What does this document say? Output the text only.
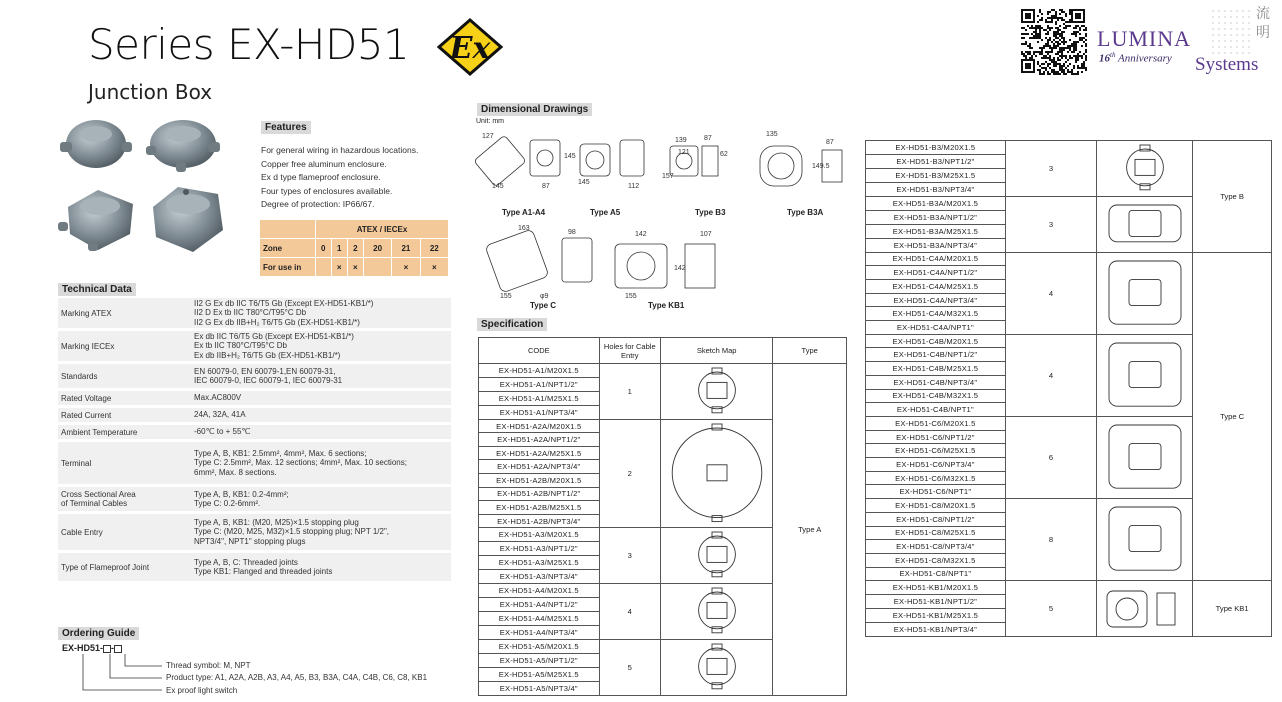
Series EX-HD51
Junction Box
Ex	LUMINA
16th Anniversary Systems
流明
Features
For general wiring in hazardous locations.
Copper free aluminum enclosure.
Ex d type flameproof enclosure.
Four types of enclosures available.
Degree of protection: IP66/67.
	ATEX / IECEx					
Zone	0	1	2	20	21	22
For use in		×	×		×	×
Technical Data
Marking ATEX
II2 G Ex db IIC T6/T5 Gb (Except EX-HD51-KB1/*)
II2 D Ex tb IIC T80°C/T95°C Db
II2 G Ex db IIB+H₂ T6/T5 Gb (EX-HD51-KB1/*)
Marking IECEx
Ex db IIC T6/T5 Gb (Except EX-HD51-KB1/*)
Ex tb IIC T80°C/T95°C Db
Ex db IIB+H₂ T6/T5 Gb (EX-HD51-KB1/*)
Standards
EN 60079-0, EN 60079-1,EN 60079-31,
IEC 60079-0, IEC 60079-1, IEC 60079-31
Rated Voltage	Max.AC800V
Rated Current	24A, 32A, 41A
Ambient Temperature	-60℃ to + 55℃
Terminal
Type A, B, KB1: 2.5mm², 4mm², Max. 6 sections;
Type C: 2.5mm², Max. 12 sections; 4mm², Max. 10 sections;
6mm², Max. 8 sections.
Cross Sectional Area
of Terminal Cables
Type A, B, KB1: 0.2-4mm²;
Type C: 0.2-6mm².
Cable Entry
Type A, B, KB1: (M20, M25)×1.5 stopping plug
Type C: (M20, M25, M32)×1.5 stopping plug; NPT 1/2",
NPT3/4", NPT1" stopping plugs
Type of Flameproof Joint
Type A, B, C: Threaded joints
Type KB1: Flanged and threaded joints
Ordering Guide
EX-HD51- -
Thread symbol: M, NPT
Product type: A1, A2A, A2B, A3, A4, A5, B3, B3A, C4A, C4B, C6, C8, KB1
Ex proof light switch
Dimensional Drawings
Unit: mm
127
145	87
145
145
112
139
121
157
87
62
135
149.5
87
163
155
98
φ9	155
142
142
107
Type A1-A4	Type A5	Type B3	Type B3A
Type C	Type KB1
Specification
CODE	Holes for Cable Entry	Sketch Map	Type
EX-HD51-A1/M20X1.5	1		Type A
EX-HD51-A1/NPT1/2"			
EX-HD51-A1/M25X1.5			
EX-HD51-A1/NPT3/4"			
EX-HD51-A2A/M20X1.5	2	
EX-HD51-A2A/NPT1/2"			
EX-HD51-A2A/M25X1.5			
EX-HD51-A2A/NPT3/4"			
EX-HD51-A2B/M20X1.5			
EX-HD51-A2B/NPT1/2"			
EX-HD51-A2B/M25X1.5			
EX-HD51-A2B/NPT3/4"			
EX-HD51-A3/M20X1.5	3	
EX-HD51-A3/NPT1/2"			
EX-HD51-A3/M25X1.5			
EX-HD51-A3/NPT3/4"			
EX-HD51-A4/M20X1.5	4	
EX-HD51-A4/NPT1/2"			
EX-HD51-A4/M25X1.5			
EX-HD51-A4/NPT3/4"			
EX-HD51-A5/M20X1.5	5	
EX-HD51-A5/NPT1/2"			
EX-HD51-A5/M25X1.5			
EX-HD51-A5/NPT3/4"			
EX-HD51-B3/M20X1.5	3		Type B
EX-HD51-B3/NPT1/2"			
EX-HD51-B3/M25X1.5			
EX-HD51-B3/NPT3/4"			
EX-HD51-B3A/M20X1.5	3	
EX-HD51-B3A/NPT1/2"			
EX-HD51-B3A/M25X1.5			
EX-HD51-B3A/NPT3/4"			
EX-HD51-C4A/M20X1.5	4		Type C
EX-HD51-C4A/NPT1/2"			
EX-HD51-C4A/M25X1.5			
EX-HD51-C4A/NPT3/4"			
EX-HD51-C4A/M32X1.5			
EX-HD51-C4A/NPT1"			
EX-HD51-C4B/M20X1.5	4	
EX-HD51-C4B/NPT1/2"			
EX-HD51-C4B/M25X1.5			
EX-HD51-C4B/NPT3/4"			
EX-HD51-C4B/M32X1.5			
EX-HD51-C4B/NPT1"			
EX-HD51-C6/M20X1.5	6	
EX-HD51-C6/NPT1/2"			
EX-HD51-C6/M25X1.5			
EX-HD51-C6/NPT3/4"			
EX-HD51-C6/M32X1.5			
EX-HD51-C6/NPT1"			
EX-HD51-C8/M20X1.5	8	
EX-HD51-C8/NPT1/2"			
EX-HD51-C8/M25X1.5			
EX-HD51-C8/NPT3/4"			
EX-HD51-C8/M32X1.5			
EX-HD51-C8/NPT1"			
EX-HD51-KB1/M20X1.5	5		Type KB1
EX-HD51-KB1/NPT1/2"			
EX-HD51-KB1/M25X1.5			
EX-HD51-KB1/NPT3/4"			
